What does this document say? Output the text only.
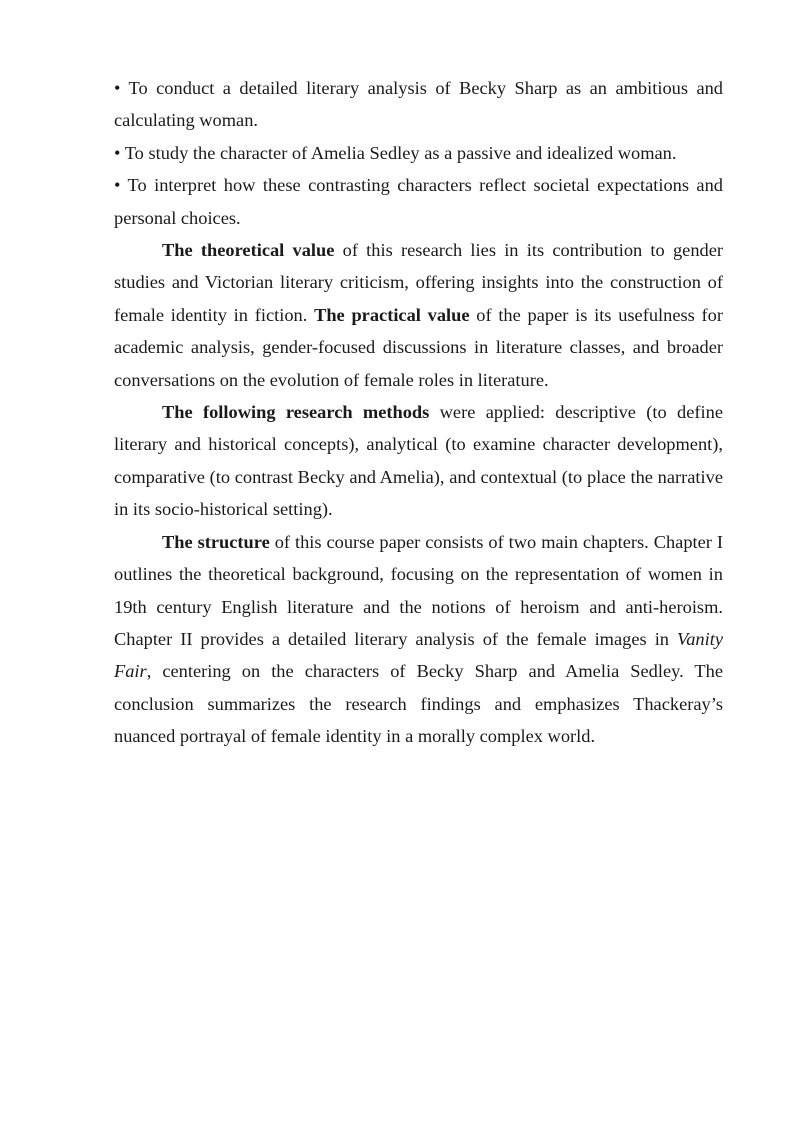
• To conduct a detailed literary analysis of Becky Sharp as an ambitious and calculating woman.

• To study the character of Amelia Sedley as a passive and idealized woman.

• To interpret how these contrasting characters reflect societal expectations and personal choices.

The theoretical value of this research lies in its contribution to gender studies and Victorian literary criticism, offering insights into the construction of female identity in fiction. The practical value of the paper is its usefulness for academic analysis, gender-focused discussions in literature classes, and broader conversations on the evolution of female roles in literature.

The following research methods were applied: descriptive (to define literary and historical concepts), analytical (to examine character development), comparative (to contrast Becky and Amelia), and contextual (to place the narrative in its socio-historical setting).

The structure of this course paper consists of two main chapters. Chapter I outlines the theoretical background, focusing on the representation of women in 19th century English literature and the notions of heroism and anti-heroism. Chapter II provides a detailed literary analysis of the female images in Vanity Fair, centering on the characters of Becky Sharp and Amelia Sedley. The conclusion summarizes the research findings and emphasizes Thackeray’s nuanced portrayal of female identity in a morally complex world.
